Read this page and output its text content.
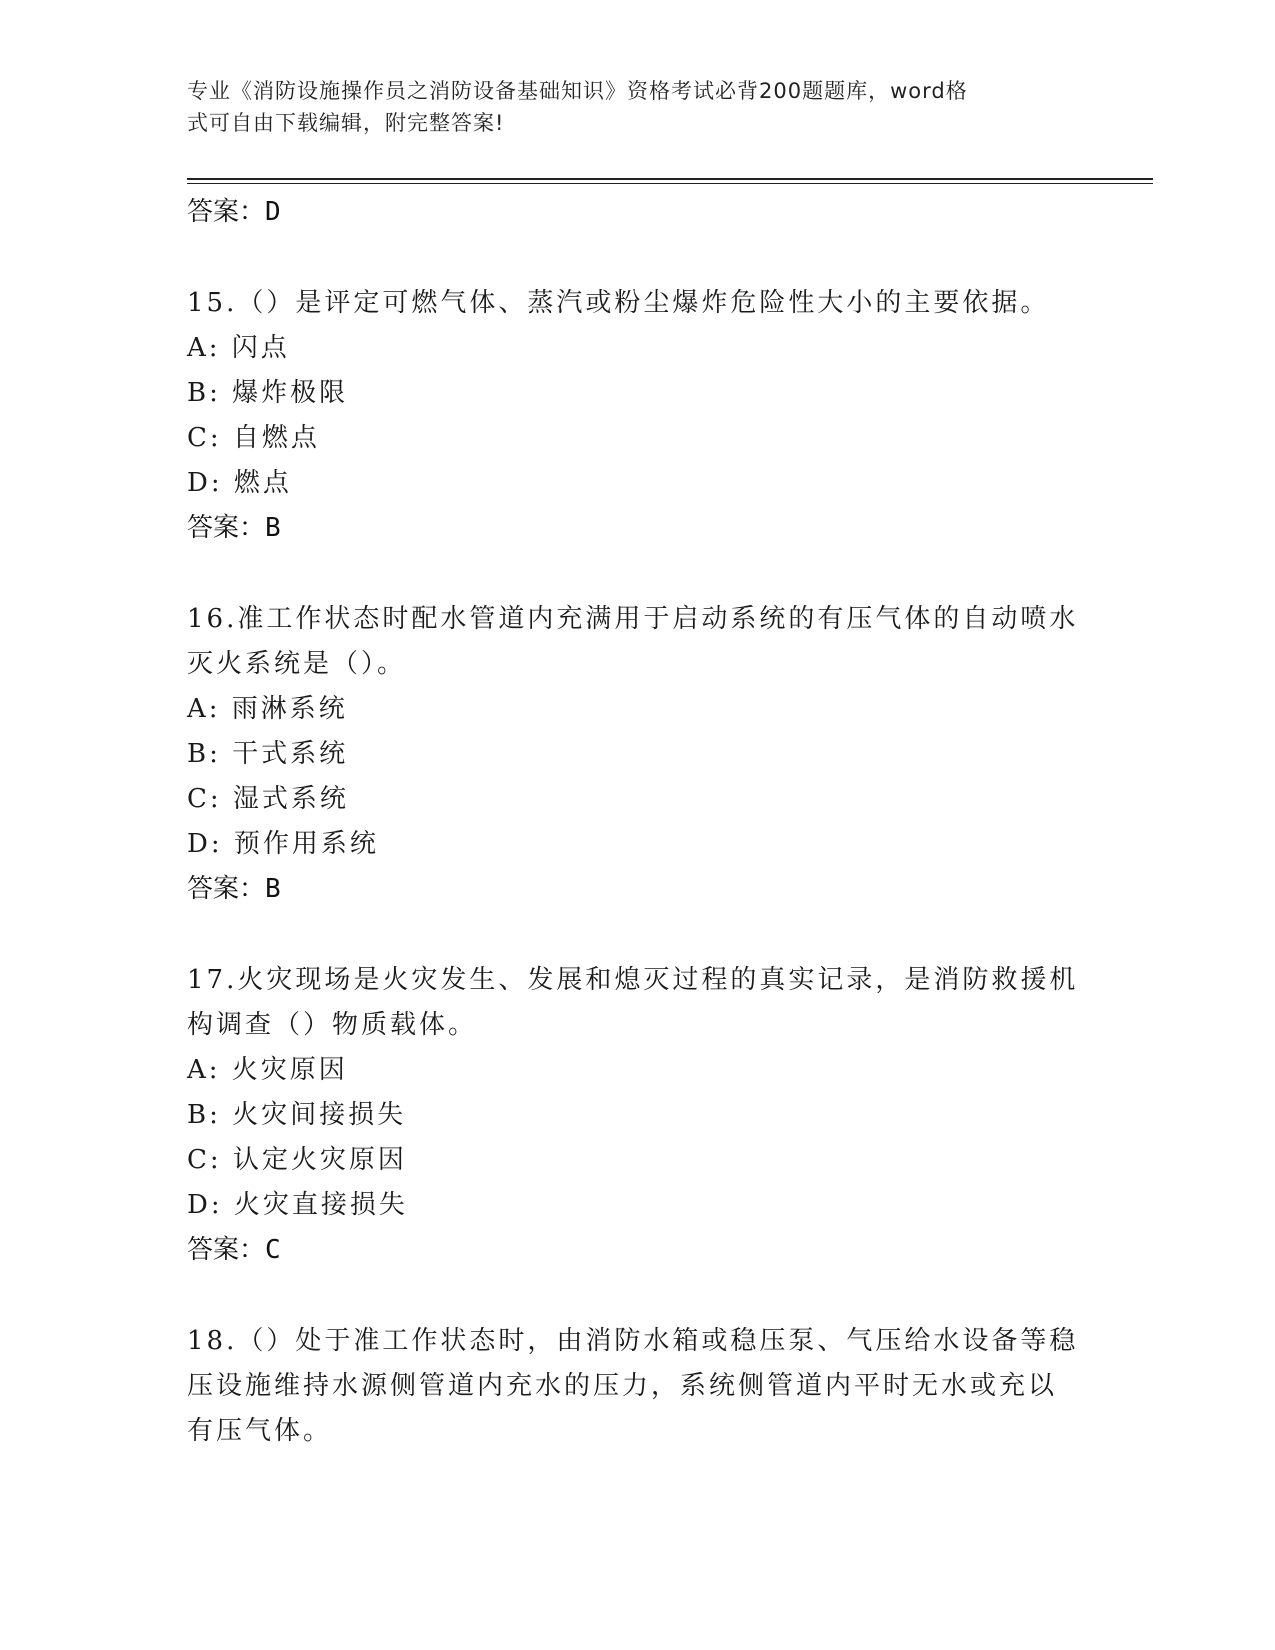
专业《消防设施操作员之消防设备基础知识》资格考试必背200题题库，word格
式可自由下载编辑，附完整答案!
答案：D
15.（）是评定可燃气体、蒸汽或粉尘爆炸危险性大小的主要依据。
A: 闪点
B: 爆炸极限
C: 自燃点
D: 燃点
答案：B
16.准工作状态时配水管道内充满用于启动系统的有压气体的自动喷水
灭火系统是（）。
A: 雨淋系统
B: 干式系统
C: 湿式系统
D: 预作用系统
答案：B
17.火灾现场是火灾发生、发展和熄灭过程的真实记录，是消防救援机
构调查（）物质载体。
A: 火灾原因
B: 火灾间接损失
C: 认定火灾原因
D: 火灾直接损失
答案：C
18.（）处于准工作状态时，由消防水箱或稳压泵、气压给水设备等稳
压设施维持水源侧管道内充水的压力，系统侧管道内平时无水或充以
有压气体。
